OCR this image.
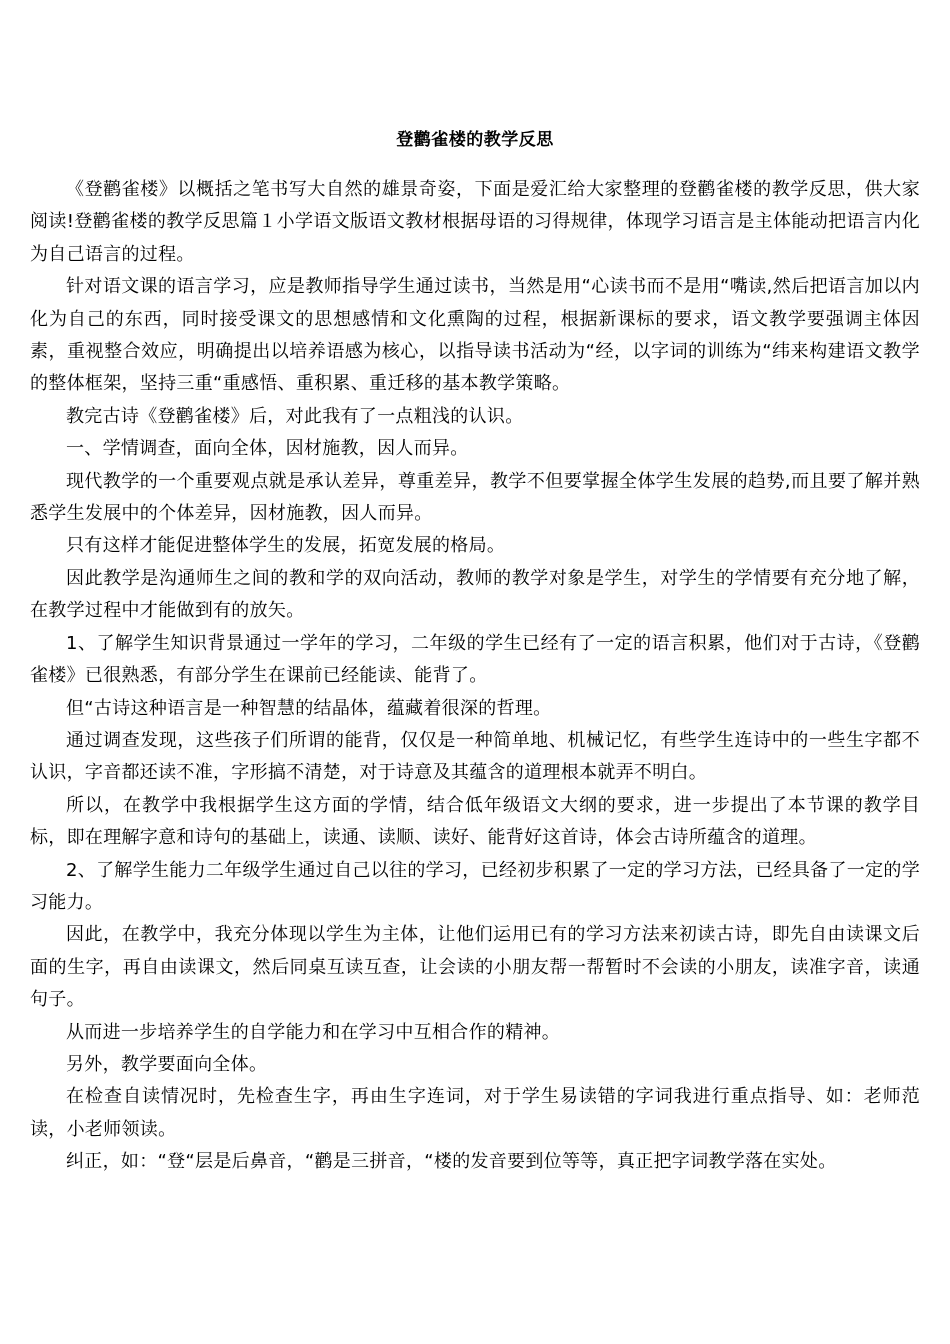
登鹳雀楼的教学反思

《登鹳雀楼》以概括之笔书写大自然的雄景奇姿，下面是爱汇给大家整理的登鹳雀楼的教学反思，供大家阅读!登鹳雀楼的教学反思篇１小学语文版语文教材根据母语的习得规律，体现学习语言是主体能动把语言内化为自己语言的过程。

针对语文课的语言学习，应是教师指导学生通过读书，当然是用“心读书而不是用“嘴读,然后把语言加以内化为自己的东西，同时接受课文的思想感情和文化熏陶的过程，根据新课标的要求，语文教学要强调主体因素，重视整合效应，明确提出以培养语感为核心，以指导读书活动为“经，以字词的训练为“纬来构建语文教学的整体框架，坚持三重“重感悟、重积累、重迁移的基本教学策略。

教完古诗《登鹳雀楼》后，对此我有了一点粗浅的认识。

一、学情调查，面向全体，因材施教，因人而异。

现代教学的一个重要观点就是承认差异，尊重差异，教学不但要掌握全体学生发展的趋势,而且要了解并熟悉学生发展中的个体差异，因材施教，因人而异。

只有这样才能促进整体学生的发展，拓宽发展的格局。

因此教学是沟通师生之间的教和学的双向活动，教师的教学对象是学生，对学生的学情要有充分地了解，在教学过程中才能做到有的放矢。

1、了解学生知识背景通过一学年的学习，二年级的学生已经有了一定的语言积累，他们对于古诗，《登鹳雀楼》已很熟悉，有部分学生在课前已经能读、能背了。

但“古诗这种语言是一种智慧的结晶体，蕴藏着很深的哲理。

通过调查发现，这些孩子们所谓的能背，仅仅是一种简单地、机械记忆，有些学生连诗中的一些生字都不认识，字音都还读不准，字形搞不清楚，对于诗意及其蕴含的道理根本就弄不明白。

所以，在教学中我根据学生这方面的学情，结合低年级语文大纲的要求，进一步提出了本节课的教学目标，即在理解字意和诗句的基础上，读通、读顺、读好、能背好这首诗，体会古诗所蕴含的道理。

2、了解学生能力二年级学生通过自己以往的学习，已经初步积累了一定的学习方法，已经具备了一定的学习能力。

因此，在教学中，我充分体现以学生为主体，让他们运用已有的学习方法来初读古诗，即先自由读课文后面的生字，再自由读课文，然后同桌互读互查，让会读的小朋友帮一帮暂时不会读的小朋友，读准字音，读通句子。

从而进一步培养学生的自学能力和在学习中互相合作的精神。

另外，教学要面向全体。

在检查自读情况时，先检查生字，再由生字连词，对于学生易读错的字词我进行重点指导、如：老师范读，小老师领读。

纠正，如：“登“层是后鼻音，“鹳是三拼音，“楼的发音要到位等等，真正把字词教学落在实处。
